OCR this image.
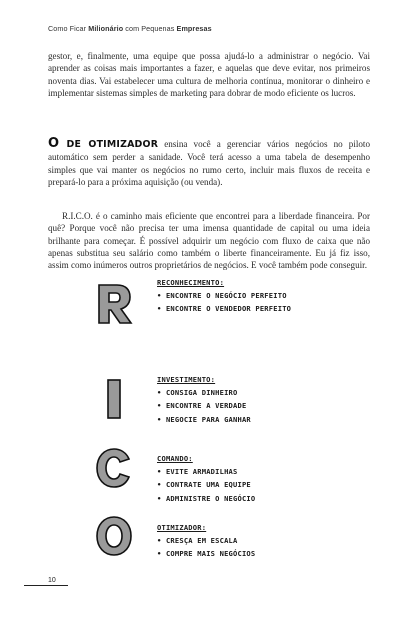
Como Ficar Milionário com Pequenas Empresas

gestor, e, finalmente, uma equipe que possa ajudá-lo a administrar o negócio. Vai aprender as coisas mais importantes a fazer, e aquelas que deve evitar, nos primeiros noventa dias. Vai estabelecer uma cultura de melhoria contínua, monitorar o dinheiro e implementar sistemas simples de marketing para dobrar de modo eficiente os lucros.

O DE OTIMIZADOR ensina você a gerenciar vários negócios no piloto automático sem perder a sanidade. Você terá acesso a uma tabela de desempenho simples que vai manter os negócios no rumo certo, incluir mais fluxos de receita e prepará-lo para a próxima aquisição (ou venda).

R.I.C.O. é o caminho mais eficiente que encontrei para a liberdade financeira. Por quê? Porque você não precisa ter uma imensa quantidade de capital ou uma ideia brilhante para começar. É possível adquirir um negócio com fluxo de caixa que não apenas substitua seu salário como também o liberte financeiramente. Eu já fiz isso, assim como inúmeros outros proprietários de negócios. E você também pode conseguir.

RECONHECIMENTO:
• ENCONTRE O NEGÓCIO PERFEITO
• ENCONTRE O VENDEDOR PERFEITO
INVESTIMENTO:
• CONSIGA DINHEIRO
• ENCONTRE A VERDADE
• NEGOCIE PARA GANHAR
COMANDO:
• EVITE ARMADILHAS
• CONTRATE UMA EQUIPE
• ADMINISTRE O NEGÓCIO
OTIMIZADOR:
• CRESÇA EM ESCALA
• COMPRE MAIS NEGÓCIOS
10
